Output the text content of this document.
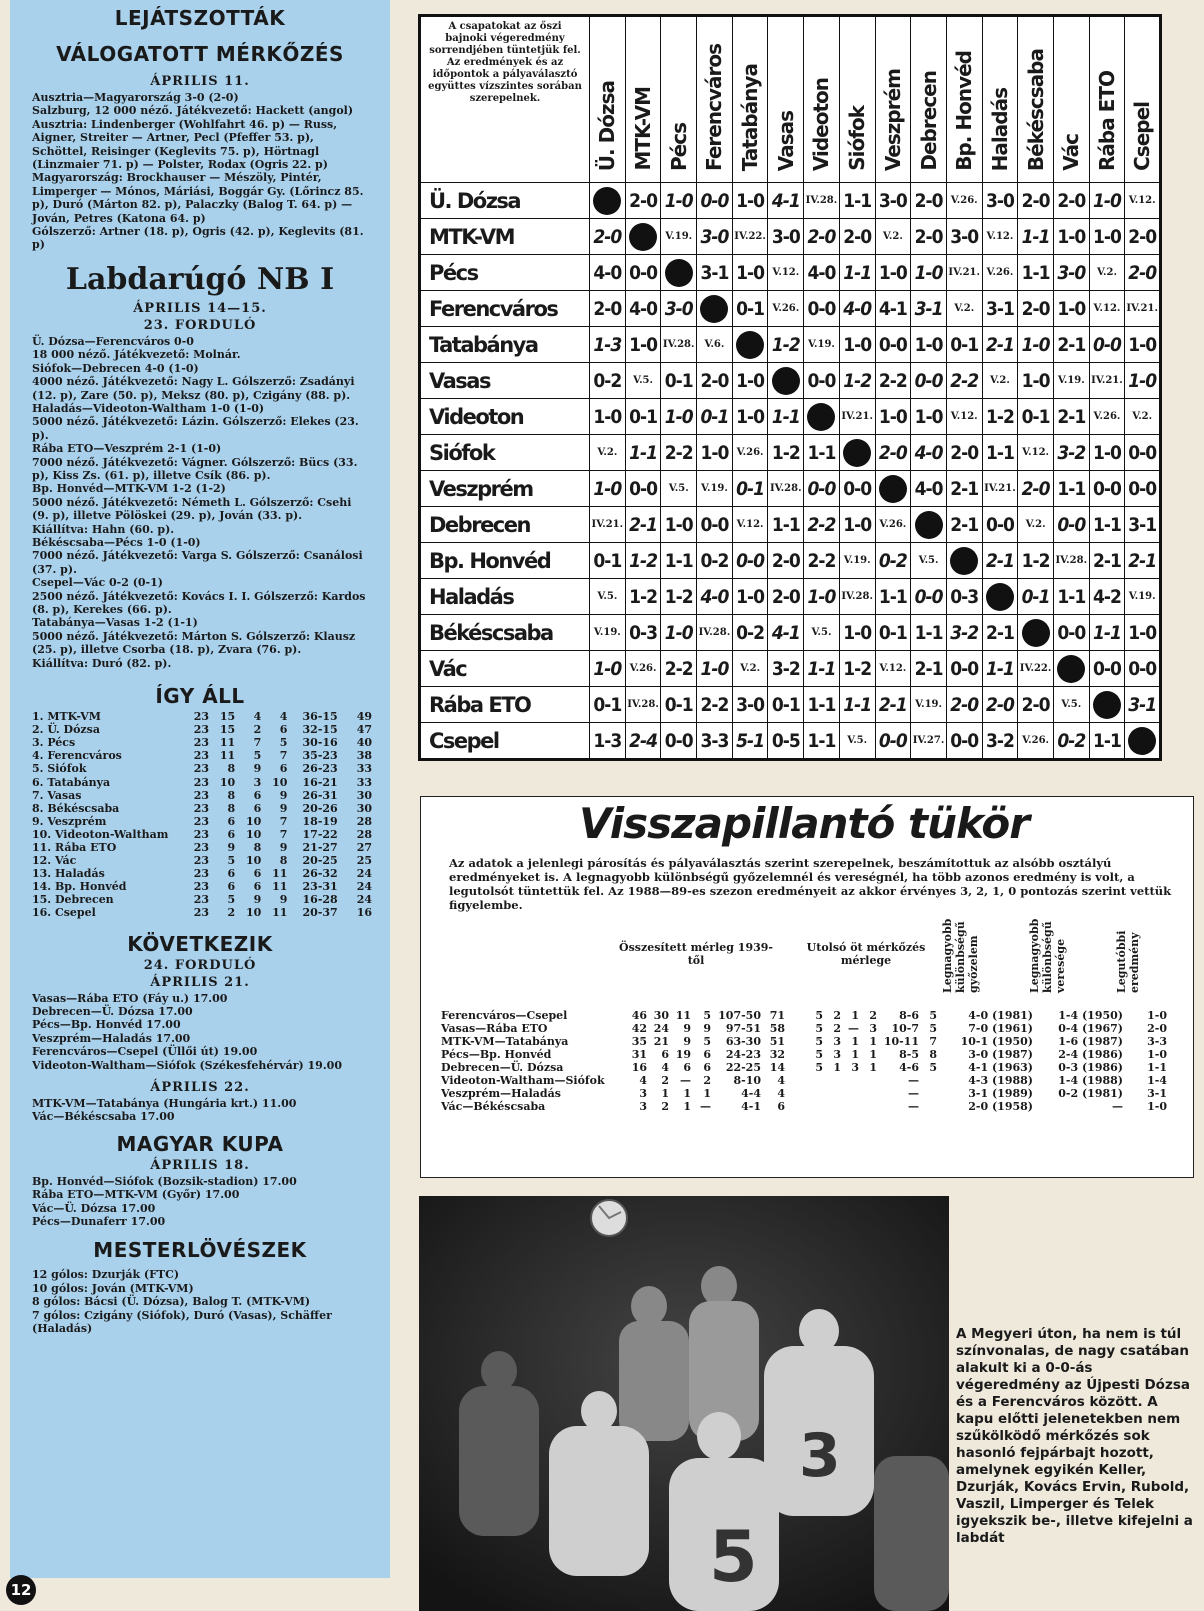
LEJÁTSZOTTÁK
VÁLOGATOTT MÉRKŐZÉS
ÁPRILIS 11.
Ausztria—Magyarország 3-0 (2-0)
Salzburg, 12 000 néző. Játékvezető: Hackett (angol)
Ausztria: Lindenberger (Wohlfahrt 46. p) — Russ, Aigner, Streiter — Artner, Pecl (Pfeffer 53. p), Schöttel, Reisinger (Keglevits 75. p), Hörtnagl (Linzmaier 71. p) — Polster, Rodax (Ogris 22. p)
Magyarország: Brockhauser — Mészöly, Pintér, Limperger — Mónos, Máriási, Boggár Gy. (Lőrincz 85. p), Duró (Márton 82. p), Palaczky (Balog T. 64. p) — Jován, Petres (Katona 64. p)
Gólszerző: Artner (18. p), Ogris (42. p), Keglevits (81. p)
Labdarúgó NB I
ÁPRILIS 14—15.
23. FORDULÓ
Ü. Dózsa—Ferencváros 0-0
18 000 néző. Játékvezető: Molnár.
Siófok—Debrecen 4-0 (1-0)
4000 néző. Játékvezető: Nagy L. Gólszerző: Zsadányi (12. p), Zare (50. p), Meksz (80. p), Czigány (88. p).
Haladás—Videoton-Waltham 1-0 (1-0)
5000 néző. Játékvezető: Lázin. Gólszerző: Elekes (23. p).
Rába ETO—Veszprém 2-1 (1-0)
7000 néző. Játékvezető: Vágner. Gólszerző: Bücs (33. p), Kiss Zs. (61. p), illetve Csík (86. p).
Bp. Honvéd—MTK-VM 1-2 (1-2)
5000 néző. Játékvezető: Németh L. Gólszerző: Csehi (9. p), illetve Pölöskei (29. p), Jován (33. p).
Kiállítva: Hahn (60. p).
Békéscsaba—Pécs 1-0 (1-0)
7000 néző. Játékvezető: Varga S. Gólszerző: Csanálosi (37. p).
Csepel—Vác 0-2 (0-1)
2500 néző. Játékvezető: Kovács I. I. Gólszerző: Kardos (8. p), Kerekes (66. p).
Tatabánya—Vasas 1-2 (1-1)
5000 néző. Játékvezető: Márton S. Gólszerző: Klausz (25. p), illetve Csorba (18. p), Zvara (76. p).
Kiállítva: Duró (82. p).
ÍGY ÁLL
1. MTK-VM	23	15	4	4	36-15	49
2. Ü. Dózsa	23	15	2	6	32-15	47
3. Pécs	23	11	7	5	30-16	40
4. Ferencváros	23	11	5	7	35-23	38
5. Siófok	23	8	9	6	26-23	33
6. Tatabánya	23	10	3	10	16-21	33
7. Vasas	23	8	6	9	26-31	30
8. Békéscsaba	23	8	6	9	20-26	30
9. Veszprém	23	6	10	7	18-19	28
10. Videoton-Waltham	23	6	10	7	17-22	28
11. Rába ETO	23	9	8	9	21-27	27
12. Vác	23	5	10	8	20-25	25
13. Haladás	23	6	6	11	26-32	24
14. Bp. Honvéd	23	6	6	11	23-31	24
15. Debrecen	23	5	9	9	16-28	24
16. Csepel	23	2	10	11	20-37	16
KÖVETKEZIK
24. FORDULÓ
ÁPRILIS 21.
Vasas—Rába ETO (Fáy u.) 17.00
Debrecen—Ü. Dózsa 17.00
Pécs—Bp. Honvéd 17.00
Veszprém—Haladás 17.00
Ferencváros—Csepel (Üllői út) 19.00
Videoton-Waltham—Siófok (Székesfehérvár) 19.00
ÁPRILIS 22.
MTK-VM—Tatabánya (Hungária krt.) 11.00
Vác—Békéscsaba 17.00
MAGYAR KUPA
ÁPRILIS 18.
Bp. Honvéd—Siófok (Bozsik-stadion) 17.00
Rába ETO—MTK-VM (Győr) 17.00
Vác—Ü. Dózsa 17.00
Pécs—Dunaferr 17.00
MESTERLÖVÉSZEK
12 gólos: Dzurják (FTC)
10 gólos: Jován (MTK-VM)
8 gólos: Bácsi (Ü. Dózsa), Balog T. (MTK-VM)
7 gólos: Czigány (Siófok), Duró (Vasas), Schäffer (Haladás)
12
A csapatokat az őszi bajnoki végeredmény sorrendjében tüntetjük fel. Az eredmények és az időpontok a pályaválasztó együttes vízszintes sorában szerepelnek.	Ü. Dózsa	MTK-VM	Pécs	Ferencváros	Tatabánya	Vasas	Videoton	Siófok	Veszprém	Debrecen	Bp. Honvéd	Haladás	Békéscsaba	Vác	Rába ETO	Csepel
Ü. Dózsa		2-0	1-0	0-0	1-0	4-1	IV.28.	1-1	3-0	2-0	V.26.	3-0	2-0	2-0	1-0	V.12.
MTK-VM	2-0		V.19.	3-0	IV.22.	3-0	2-0	2-0	V.2.	2-0	3-0	V.12.	1-1	1-0	1-0	2-0
Pécs	4-0	0-0		3-1	1-0	V.12.	4-0	1-1	1-0	1-0	IV.21.	V.26.	1-1	3-0	V.2.	2-0
Ferencváros	2-0	4-0	3-0		0-1	V.26.	0-0	4-0	4-1	3-1	V.2.	3-1	2-0	1-0	V.12.	IV.21.
Tatabánya	1-3	1-0	IV.28.	V.6.		1-2	V.19.	1-0	0-0	1-0	0-1	2-1	1-0	2-1	0-0	1-0
Vasas	0-2	V.5.	0-1	2-0	1-0		0-0	1-2	2-2	0-0	2-2	V.2.	1-0	V.19.	IV.21.	1-0
Videoton	1-0	0-1	1-0	0-1	1-0	1-1		IV.21.	1-0	1-0	V.12.	1-2	0-1	2-1	V.26.	V.2.
Siófok	V.2.	1-1	2-2	1-0	V.26.	1-2	1-1		2-0	4-0	2-0	1-1	V.12.	3-2	1-0	0-0
Veszprém	1-0	0-0	V.5.	V.19.	0-1	IV.28.	0-0	0-0		4-0	2-1	IV.21.	2-0	1-1	0-0	0-0
Debrecen	IV.21.	2-1	1-0	0-0	V.12.	1-1	2-2	1-0	V.26.		2-1	0-0	V.2.	0-0	1-1	3-1
Bp. Honvéd	0-1	1-2	1-1	0-2	0-0	2-0	2-2	V.19.	0-2	V.5.		2-1	1-2	IV.28.	2-1	2-1
Haladás	V.5.	1-2	1-2	4-0	1-0	2-0	1-0	IV.28.	1-1	0-0	0-3		0-1	1-1	4-2	V.19.
Békéscsaba	V.19.	0-3	1-0	IV.28.	0-2	4-1	V.5.	1-0	0-1	1-1	3-2	2-1		0-0	1-1	1-0
Vác	1-0	V.26.	2-2	1-0	V.2.	3-2	1-1	1-2	V.12.	2-1	0-0	1-1	IV.22.		0-0	0-0
Rába ETO	0-1	IV.28.	0-1	2-2	3-0	0-1	1-1	1-1	2-1	V.19.	2-0	2-0	2-0	V.5.		3-1
Csepel	1-3	2-4	0-0	3-3	5-1	0-5	1-1	V.5.	0-0	IV.27.	0-0	3-2	V.26.	0-2	1-1	
Visszapillantó tükör
Az adatok a jelenlegi párosítás és pályaválasztás szerint szerepelnek, beszámítottuk az alsóbb osztályú eredményeket is. A legnagyobb különbségű győzelemnél és vereségnél, ha több azonos eredmény is volt, a legutolsót tüntettük fel. Az 1988—89-es szezon eredményeit az akkor érvényes 3, 2, 1, 0 pontozás szerint vettük figyelembe.
Összesített mérleg 1939-től
Utolsó öt mérkőzés mérlege	Legnagyobb különbségű győzelem	Legnagyobb különbségű veresége	Legutóbbi eredmény
Ferencváros—Csepel	46	30	11	5	107-50	71	5	2	1	2	8-6	5	4-0 (1981)	1-4 (1950)	1-0
Vasas—Rába ETO	42	24	9	9	97-51	58	5	2	—	3	10-7	5	7-0 (1961)	0-4 (1967)	2-0
MTK-VM—Tatabánya	35	21	9	5	63-30	51	5	3	1	1	10-11	7	10-1 (1950)	1-6 (1987)	3-3
Pécs—Bp. Honvéd	31	6	19	6	24-23	32	5	3	1	1	8-5	8	3-0 (1987)	2-4 (1986)	1-0
Debrecen—Ü. Dózsa	16	4	6	6	22-25	14	5	1	3	1	4-6	5	4-1 (1963)	0-3 (1986)	1-1
Videoton-Waltham—Siófok	4	2	—	2	8-10	4					—		4-3 (1988)	1-4 (1988)	1-4
Veszprém—Haladás	3	1	1	1	4-4	4					—		3-1 (1989)	0-2 (1981)	3-1
Vác—Békéscsaba	3	2	1	—	4-1	6					—		2-0 (1958)	—	1-0
3
5
A Megyeri úton, ha nem is túl színvonalas, de nagy csatában alakult ki a 0-0-ás végeredmény az Újpesti Dózsa és a Ferencváros között. A kapu előtti jelenetekben nem szűkölködő mérkőzés sok hasonló fejpárbajt hozott, amelynek egyikén Keller, Dzurják, Kovács Ervin, Rubold, Vaszil, Limperger és Telek igyekszik be-, illetve kifejelni a labdát
